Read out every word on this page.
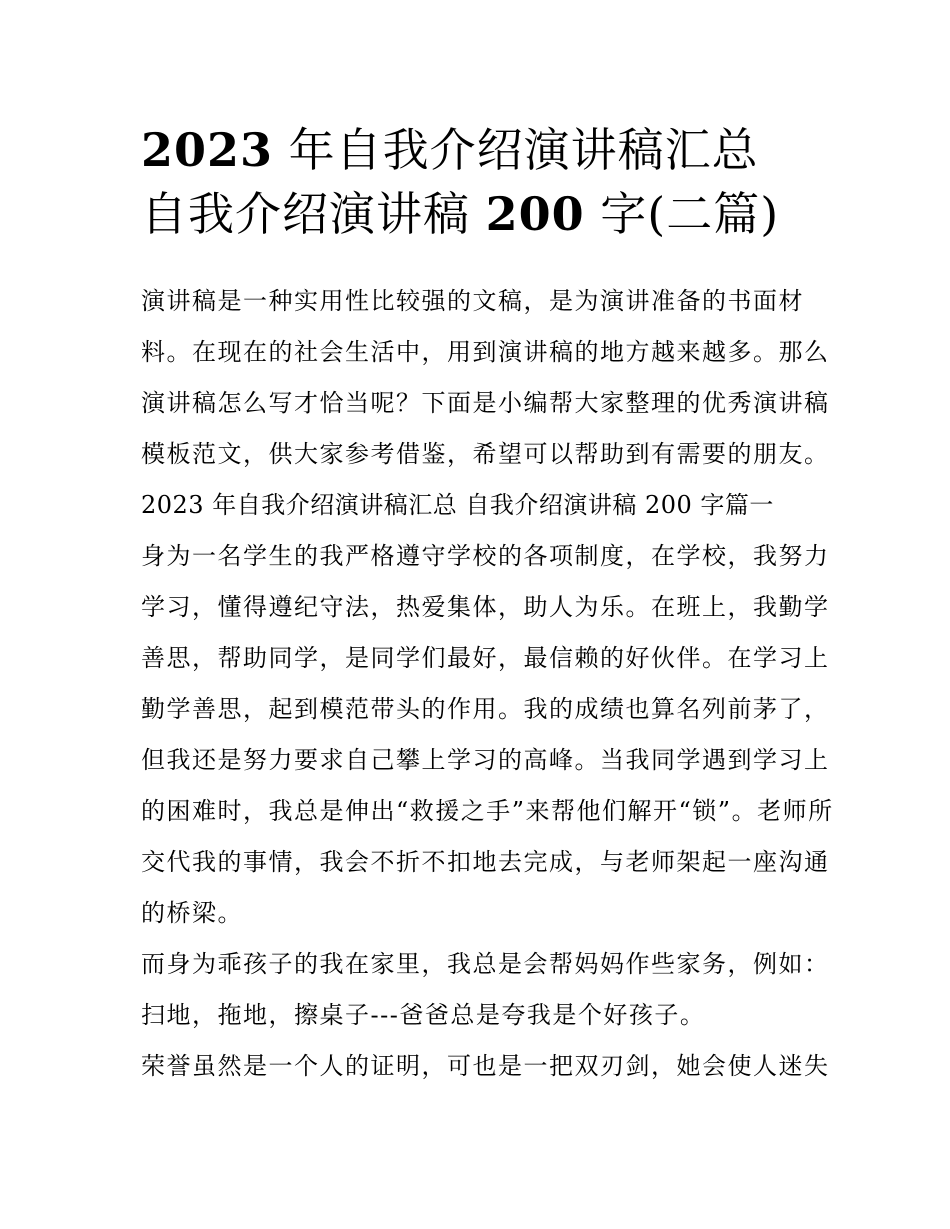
2023 年自我介绍演讲稿汇总
自我介绍演讲稿 200 字(二篇)
演讲稿是一种实用性比较强的文稿，是为演讲准备的书面材
料。在现在的社会生活中，用到演讲稿的地方越来越多。那么
演讲稿怎么写才恰当呢？下面是小编帮大家整理的优秀演讲稿
模板范文，供大家参考借鉴，希望可以帮助到有需要的朋友。
2023 年自我介绍演讲稿汇总 自我介绍演讲稿 200 字篇一
身为一名学生的我严格遵守学校的各项制度，在学校，我努力
学习，懂得遵纪守法，热爱集体，助人为乐。在班上，我勤学
善思，帮助同学，是同学们最好，最信赖的好伙伴。在学习上
勤学善思，起到模范带头的作用。我的成绩也算名列前茅了，
但我还是努力要求自己攀上学习的高峰。当我同学遇到学习上
的困难时，我总是伸出“救援之手”来帮他们解开“锁”。老师所
交代我的事情，我会不折不扣地去完成，与老师架起一座沟通
的桥梁。
而身为乖孩子的我在家里，我总是会帮妈妈作些家务，例如：
扫地，拖地，擦桌子---爸爸总是夸我是个好孩子。
荣誉虽然是一个人的证明，可也是一把双刃剑，她会使人迷失
